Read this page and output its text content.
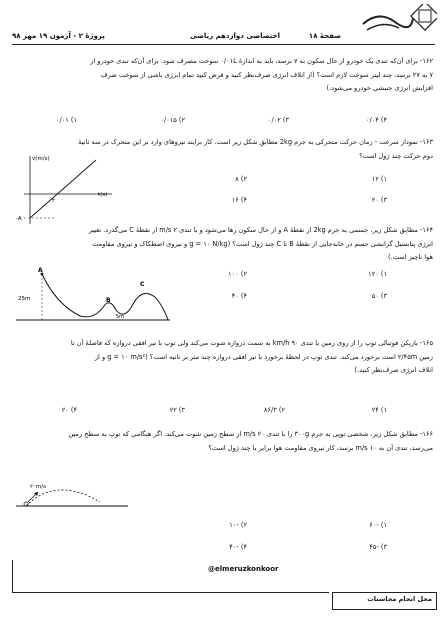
صفحهٔ ۱۸
اختصاصی دوازدهم ریاضی
پروژهٔ ۲ - آزمون ۱۹ مهر ۹۸
۱۶۲- برای آن‌که تندی یک خودرو از حال سکون به ۷ برسد، باید به اندازهٔ ۰/۰۱L سوخت مصرف شود. برای آن‌که تندی خودرو از
۷ به ۲۷ برسد، چند لیتر سوخت لازم است؟ (از اتلاف انرژی صرف‌نظر کنید و فرض کنید تمام انرژی ناشی از سوخت صرف
افزایش انرژی جنبشی خودرو می‌شود.)
۱) ۰/۰۱	۲) ۰/۰۱۵	۳) ۰/۰۲	۴) ۰/۰۴
۱۶۳- نمودار سرعت - زمان حرکت متحرکی به جرم 2kg مطابق شکل زیر است. کار برایند نیروهای وارد بر این متحرک در سه ثانیهٔ
دوم حرکت چند ژول است؟
v(m/s)
t(s)
-A
۲
۱) ۱۲
۲) ۸
۳) ۲۰
۴) ۱۶
۱۶۴- مطابق شکل زیر، جسمی به جرم 2kg از نقطهٔ A و از حال سکون رها می‌شود و با تندی ۲ m/s از نقطهٔ C می‌گذرد. تغییر
انرژی پتانسیل گرانشی جسم در جابه‌جایی از نقطهٔ B تا C چند ژول است؟ (g = ۱۰ N/kg و نیروی اصطکاک و نیروی مقاومت
هوا ناچیز است.)
A
B
C
25m
5m
۱) ۱۲۰
۲) ۱۰۰
۳) ۵۰
۴) ۴۰
۱۶۵- بازیکن فوتبالی توپ را از روی زمین با تندی ۹۰ km/h به سمت دروازه شوت می‌کند ولی توپ با تیر افقی دروازه که فاصلهٔ آن تا
زمین ۲/۴۵m است برخورد می‌کند. تندی توپ در لحظهٔ برخورد با تیر افقی دروازه چند متر بر ثانیه است؟ (g = ۱۰ m/s² و از
اتلاف انرژی صرف‌نظر کنید.)
۱) ۲۴
۲) ۸۶/۳
۳) ۲۲
۴) ۲۰
۱۶۶- مطابق شکل زیر، شخصی توپی به جرم ۳۰۰g را با تندی ۲۰ m/s از سطح زمین شوت می‌کند. اگر هنگامی که توپ به سطح زمین
می‌رسد، تندی آن به ۱۰ m/s برسد، کار نیروی مقاومت هوا برابر با چند ژول است؟
۲۰m/s
۱) -۶۰
۲) -۱۰
۳) -۴۵
۴) -۴۰
@elmeruzkonkoor
محل انجام محاسبات
